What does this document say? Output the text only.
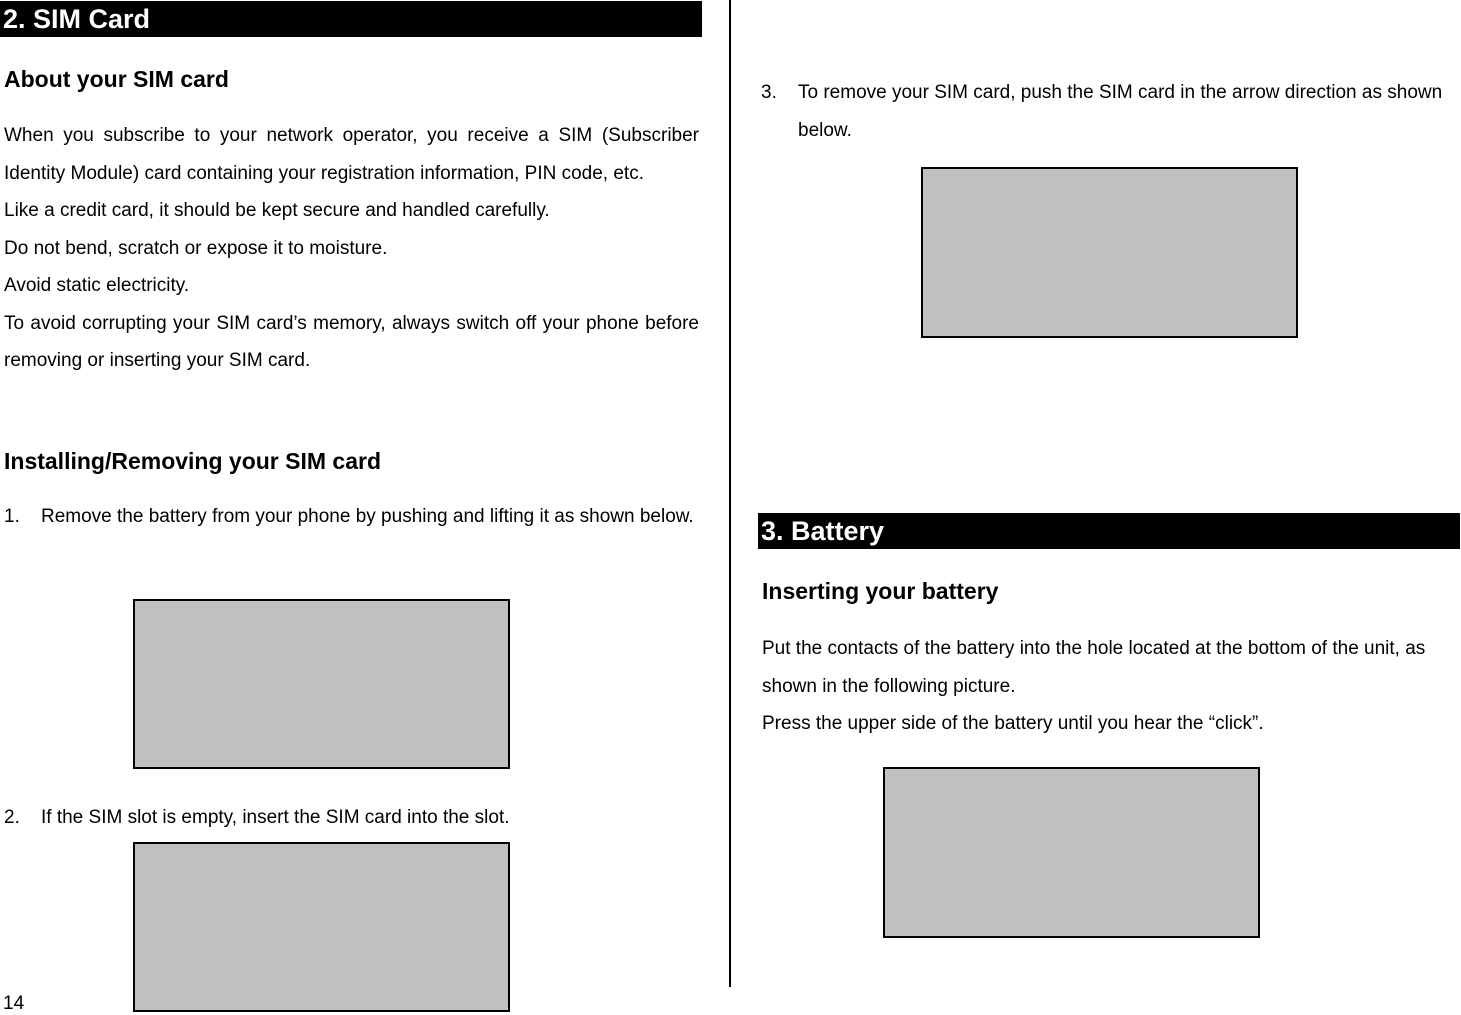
2. SIM Card
About your SIM card

When you subscribe to your network operator, you receive a SIM (Subscriber Identity Module) card containing your registration information, PIN code, etc.

Like a credit card, it should be kept secure and handled carefully.

Do not bend, scratch or expose it to moisture.

Avoid static electricity.

To avoid corrupting your SIM card’s memory, always switch off your phone before removing or inserting your SIM card.

Installing/Removing your SIM card
1. Remove the battery from your phone by pushing and lifting it as shown below.
2. If the SIM slot is empty, insert the SIM card into the slot.
14
3. To remove your SIM card, push the SIM card in the arrow direction as shown below.
3. Battery
Inserting your battery

Put the contacts of the battery into the hole located at the bottom of the unit, as shown in the following picture.

Press the upper side of the battery until you hear the “click”.
